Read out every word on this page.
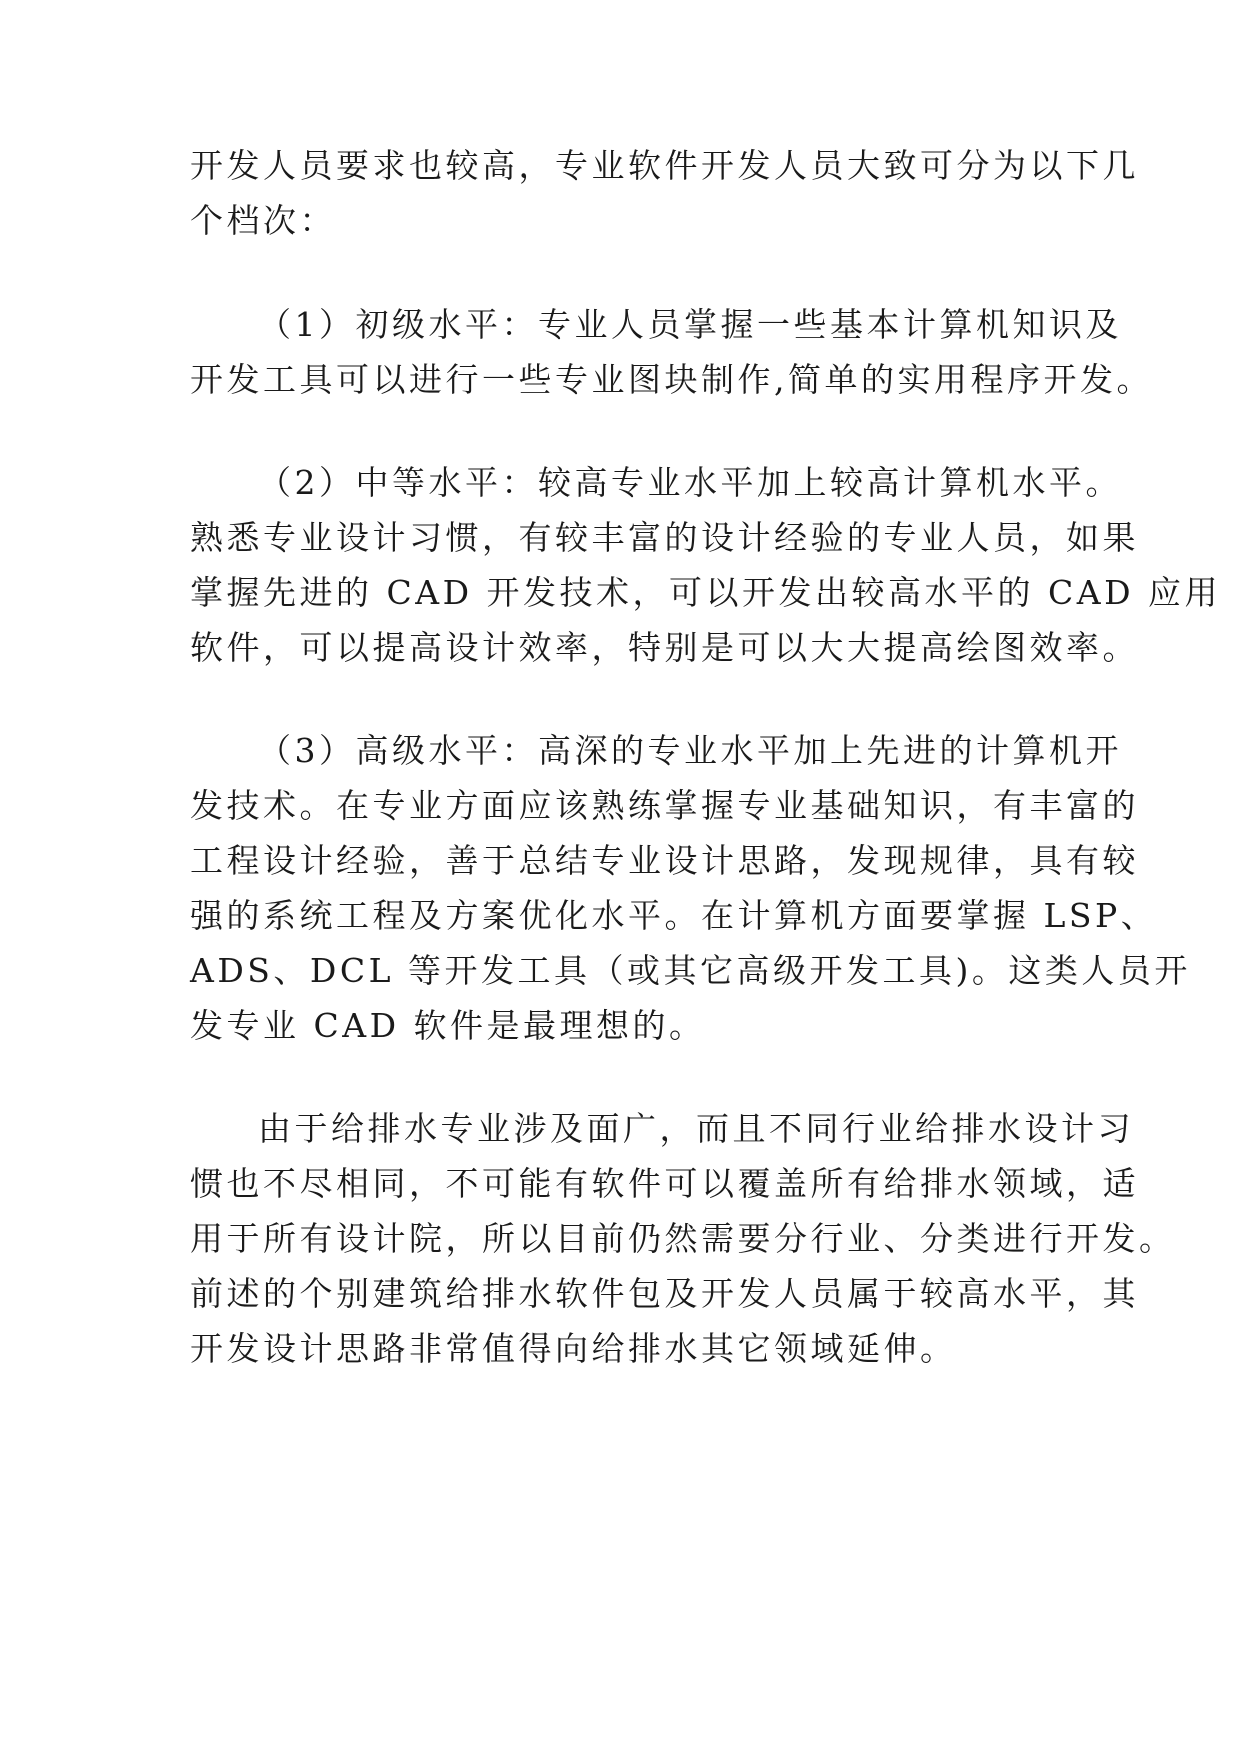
开发人员要求也较高，专业软件开发人员大致可分为以下几
个档次：
（1）初级水平：专业人员掌握一些基本计算机知识及
开发工具可以进行一些专业图块制作,简单的实用程序开发。
（2）中等水平：较高专业水平加上较高计算机水平。
熟悉专业设计习惯，有较丰富的设计经验的专业人员，如果
掌握先进的 CAD 开发技术，可以开发出较高水平的 CAD 应用
软件，可以提高设计效率，特别是可以大大提高绘图效率。
（3）高级水平：高深的专业水平加上先进的计算机开
发技术。在专业方面应该熟练掌握专业基础知识，有丰富的
工程设计经验，善于总结专业设计思路，发现规律，具有较
强的系统工程及方案优化水平。在计算机方面要掌握 LSP、
ADS、DCL 等开发工具（或其它高级开发工具)。这类人员开
发专业 CAD 软件是最理想的。
由于给排水专业涉及面广，而且不同行业给排水设计习
惯也不尽相同，不可能有软件可以覆盖所有给排水领域，适
用于所有设计院，所以目前仍然需要分行业、分类进行开发。
前述的个别建筑给排水软件包及开发人员属于较高水平，其
开发设计思路非常值得向给排水其它领域延伸。
